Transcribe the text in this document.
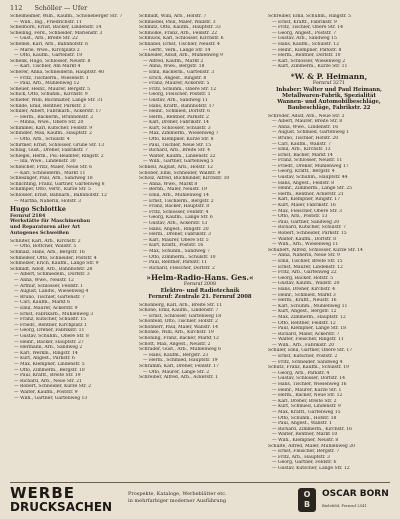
112 Schöller — Ufer
Schellheimer, Wilh., Kaufm., Schöneberger Str. 7
— Wilh., Ing., Friedrichstr. 11
Schellhorn, Ernst, Bäcker, Lindenstr. 14
Schelling, Ferd., Schneider, Marienstr. 3
— Gust., Arb., Breite Str. 22
Schemel, Karl, Arb., Bahnhofstr. 6
— Marie, Wwe., Kirchplatz 2
— Otto, Kaufm., Gartenstr. 19
Schenk, Hugo, Schlosser, Neustr. 8
— Karl, Tischler, Am Markt 4
Scherer, Anna, Schneiderin, Hauptstr. 40
— Fritz, Tischlerm., Wiesenstr. 1
— Paul, Arb., Mühlenweg 12
Scheuer, Heinr., Maurer, Bergstr. 5
Schick, Otto, Schuhm., Kirchstr. 9
Schiefer, Willi, Buchhalter, Lange Str. 31
Schilde, Emil, Rentner, Parkstr. 3
Schiller, Albert, Fabrikarb., Ackerstr. 17
— Herm., Bäckerm., Brunnenstr. 2
— Minna, Wwe., Obere Str. 20
Schimmel, Karl, Kutscher, Feldstr. 9
Schindler, Max, Kaufm., Hauptstr. 2
— Otto, Arb., Schulstr. 4
Schirmer, Ernst, Schlosser, Grüne Str. 13
Schlag, Gust., Dreher, Fabrikstr. 7
Schlegel, Herm., Pol.-Beamter, Ringstr. 2
— Ida, Wwe., Lindenstr. 30
Schleicher, Fritz, Maler, Neue Str. 6
— Karl, Schneiderm., Markt 11
Schlesinger, Paul, Arb., Sandweg 18
Schlichting, Franz, Gärtner, Gartenweg 8
Schlimper, Otto, Vertr., Kurze Str. 5
Schlosser, Ernst, Bahnarb., Bahnhofstr. 12
— Martha, Näherin, Hofstr. 3
Hugo Schlottke
Fernruf 2184
Werkstätte für Maschinenbau
und Reparaturen aller Art
Autogenes Schweißen
Schlüter, Karl, Arb., Kirchstr. 2
— Otto, Böttcher, Wallstr. 5
Schmalz, Hans, Arb., Bergstr. 16
Schmeißer, Otto, Schneider, Poststr. 4
Schmelzer, Erich, Kaufm., Lange Str. 9
Schmidt, Adolf, Arb., Bahnhofstr. 28
— Albert, Schmiedem., Dorfstr. 3
— Anna, Wwe., Neustr. 12
— Arthur, Schlosser, Feldstr. 1
— August, Landw., Wiesenweg 4
— Bruno, Tischler, Gartenstr. 7
— Carl, Kaufm., Markt 6
— Emil, Maurer, Ackerstr. 9
— Ernst, Fabrikarb., Mühlenweg 3
— Franz, Kutscher, Schulstr. 15
— Friedr., Rentner, Kirchplatz 1
— Georg, Dreher, Fabrikstr. 11
— Gustav, Schuhm., Obere Str. 8
— Heinr., Bäcker, Hauptstr. 27
— Hermann, Arb., Sandweg 2
— Karl, Werkm., Ringstr. 14
— Kurt, Angest., Parkstr. 6
— Max, Klempner, Lindenstr. 5
— Otto, Zimmerm., Bergstr. 10
— Paul, Kraftf., Breite Str. 19
— Richard, Arb., Neue Str. 21
— Robert, Schneider, Kurze Str. 2
— Walter, Kaufm., Poststr. 9
— Wilh., Gärtner, Gartenweg 13
Schmidt, Willi, Arb., Hofstr. 7
Schmiedel, Paul, Maler, Wallstr. 3
Schmitz, Otto, Kaufm., Hauptstr. 33
Schmolke, Franz, Arb., Feldstr. 22
Schmuck, Karl, Schlosser, Kirchstr. 6
Schnabel, Ernst, Tischler, Neustr. 4
— Gertr., Verk., Lange Str. 14
Schneider, Adolf, Arb., Mühlenweg 9
— Alfred, Kaufm., Markt 2
— Anna, Wwe., Bergstr. 18
— Emil, Bäckerm., Gartenstr. 3
— Erich, Angest., Ringstr. 8
— Franz, Maurer, Ackerstr. 5
— Fritz, Schuhm., Obere Str. 12
— Georg, Fleischer, Poststr. 1
— Gustav, Arb., Sandweg 11
— Hans, Kraftf., Bahnhofstr. 17
— Heinr., Schmied, Dorfstr. 6
— Herm., Rentner, Parkstr. 2
— Karl, Dreher, Fabrikstr. 14
— Kurt, Schlosser, Schulstr. 3
— Max, Zimmerm., Wiesenweg 7
— Otto, Klempner, Kurze Str. 8
— Paul, Tischler, Neue Str. 15
— Richard, Arb., Breite Str. 4
— Walter, Kaufm., Lindenstr. 22
— Wilh., Gärtner, Gartenweg 5
Schnell, August, Arb., Hofstr. 12
Schober, Emil, Schneider, Wallstr. 9
Scholz, Alfred, Buchbinder, Kirchstr. 10
— Anna, Wwe., Markt 8
— Bernh., Maler, Neustr. 19
— Emil, Arb., Mühlenweg 14
— Ernst, Tischlerm., Bergstr. 2
— Franz, Bäcker, Hauptstr. 8
— Fritz, Schlosser, Feldstr. 4
— Georg, Kaufm., Lange Str. 6
— Gustav, Arb., Ackerstr. 13
— Hans, Angest., Ringstr. 20
— Herm., Dreher, Fabrikstr. 3
— Karl, Maurer, Obere Str. 5
— Kurt, Kraftf., Poststr. 16
— Max, Schuhm., Sandweg 7
— Otto, Zimmerm., Schulstr. 10
— Paul, Rentner, Parkstr. 11
— Richard, Fleischer, Dorfstr. 2
»Helm-Radio-Hans. Ges.«
Fernruf 2008
Elektro- und Radiotechnik
Fernruf: Zentrale 21. Fernruf 2008
Schönberg, Karl, Arb., Breite Str. 11
Schöne, Emil, Kaufm., Lindenstr. 7
— Ernst, Schlosser, Gartenweg 18
Schönfeld, Otto, Tischler, Hofstr. 2
Schönherr, Paul, Maler, Wallstr. 14
Schönke, Willi, Arb., Kirchstr. 19
Schöning, Franz, Bäcker, Markt 12
Schött, Max, Angest., Neustr. 2
Schrader, Gust., Arb., Mühlenweg 6
— Hans, Kaufm., Bergstr. 23
— Herm., Schmied, Hauptstr. 19
Schramm, Karl, Dreher, Feldstr. 17
— Otto, Maurer, Lange Str. 2
Schreiber, Alfred, Arb., Ackerstr. 1
Schreiber, Emil, Schuhm., Ringstr. 5
— Ernst, Kraftf., Fabrikstr. 9
— Fritz, Tischler, Obere Str. 14
— Georg, Angest., Poststr. 7
— Gustav, Arb., Sandweg 15
— Hans, Kaufm., Schulstr. 12
— Heinr., Klempner, Parkstr. 8
— Herm., Rentner, Dorfstr. 10
— Karl, Schlosser, Wiesenweg 2
— Kurt, Zimmerm., Kurze Str. 11
*W. & P. Heimann,
Fernruf 3271
Inhaber: Walter und Paul Heimann,
Metallwaren-Fabrik, Spezialität
Wannen- und Automobilbeschläge,
Baubeschläge, Fabrikstr. 22
Schröder, Adolf, Arb., Neue Str. 3
— Albert, Maurer, Breite Str. 8
— Anna, Wwe., Lindenstr. 16
— August, Schmied, Gartenweg 1
— Bruno, Tischler, Hofstr. 20
— Carl, Kaufm., Wallstr. 7
— Emil, Arb., Kirchstr. 13
— Ernst, Bäcker, Markt 14
— Franz, Schlosser, Neustr. 11
— Friedr., Dreher, Mühlenweg 17
— Georg, Kraftf., Bergstr. 4
— Gustav, Schuhm., Hauptstr. 44
— Hans, Angest., Feldstr. 8
— Heinr., Zimmerm., Lange Str. 25
— Herm., Rentner, Ackerstr. 21
— Karl, Klempner, Ringstr. 17
— Kurt, Maler, Fabrikstr. 16
— Max, Fleischer, Obere Str. 3
— Otto, Arb., Poststr. 13
— Paul, Gärtner, Sandweg 20
— Richard, Kutscher, Schulstr. 7
— Robert, Schneider, Parkstr. 15
— Walter, Kaufm., Dorfstr. 8
— Wilh., Arb., Wiesenweg 11
Schubert, Alfred, Schlosser, Kurze Str. 14
— Anna, Näherin, Neue Str. 9
— Emil, Tischler, Breite Str. 15
— Ernst, Maurer, Lindenstr. 12
— Fritz, Arb., Gartenweg 22
— Georg, Bäcker, Hofstr. 5
— Gustav, Kaufm., Wallstr. 20
— Hans, Dreher, Kirchstr. 4
— Heinr., Schmied, Markt 3
— Herm., Kraftf., Neustr. 16
— Karl, Schuhm., Mühlenweg 11
— Kurt, Angest., Bergstr. 12
— Max, Zimmerm., Hauptstr. 12
— Otto, Rentner, Feldstr. 12
— Paul, Klempner, Lange Str. 18
— Richard, Maler, Ackerstr. 7
— Walter, Fleischer, Ringstr. 11
— Wilh., Arb., Fabrikstr. 20
Schüler, Emil, Gärtner, Obere Str. 17
— Ernst, Kutscher, Poststr. 2
— Fritz, Schneider, Sandweg 4
Schütz, Franz, Kaufm., Schulstr. 19
— Georg, Arb., Parkstr. 4
— Gustav, Schlosser, Dorfstr. 14
— Hans, Tischler, Wiesenweg 16
— Heinr., Maurer, Kurze Str. 1
— Herm., Bäcker, Neue Str. 12
— Karl, Dreher, Breite Str. 2
— Kurt, Schmied, Lindenstr. 9
— Max, Kraftf., Gartenweg 15
— Otto, Schuhm., Hofstr. 18
— Paul, Angest., Wallstr. 1
— Richard, Zimmerm., Kirchstr. 16
— Walter, Rentner, Markt 10
— Wilh., Klempner, Neustr. 8
Schulte, Alfred, Maler, Mühlenweg 20
— Ernst, Fleischer, Bergstr. 7
— Fritz, Arb., Hauptstr. 3
— Georg, Gärtner, Feldstr. 6
— Gustav, Kutscher, Lange Str. 12
WERBE
DRUCKSACHEN
Prospekte, Kataloge, Werbeblätter etc.
in mehrfarbiger moderner Ausführung
O
B
OSCAR BORN
Bielefeld, Fernruf 2541
